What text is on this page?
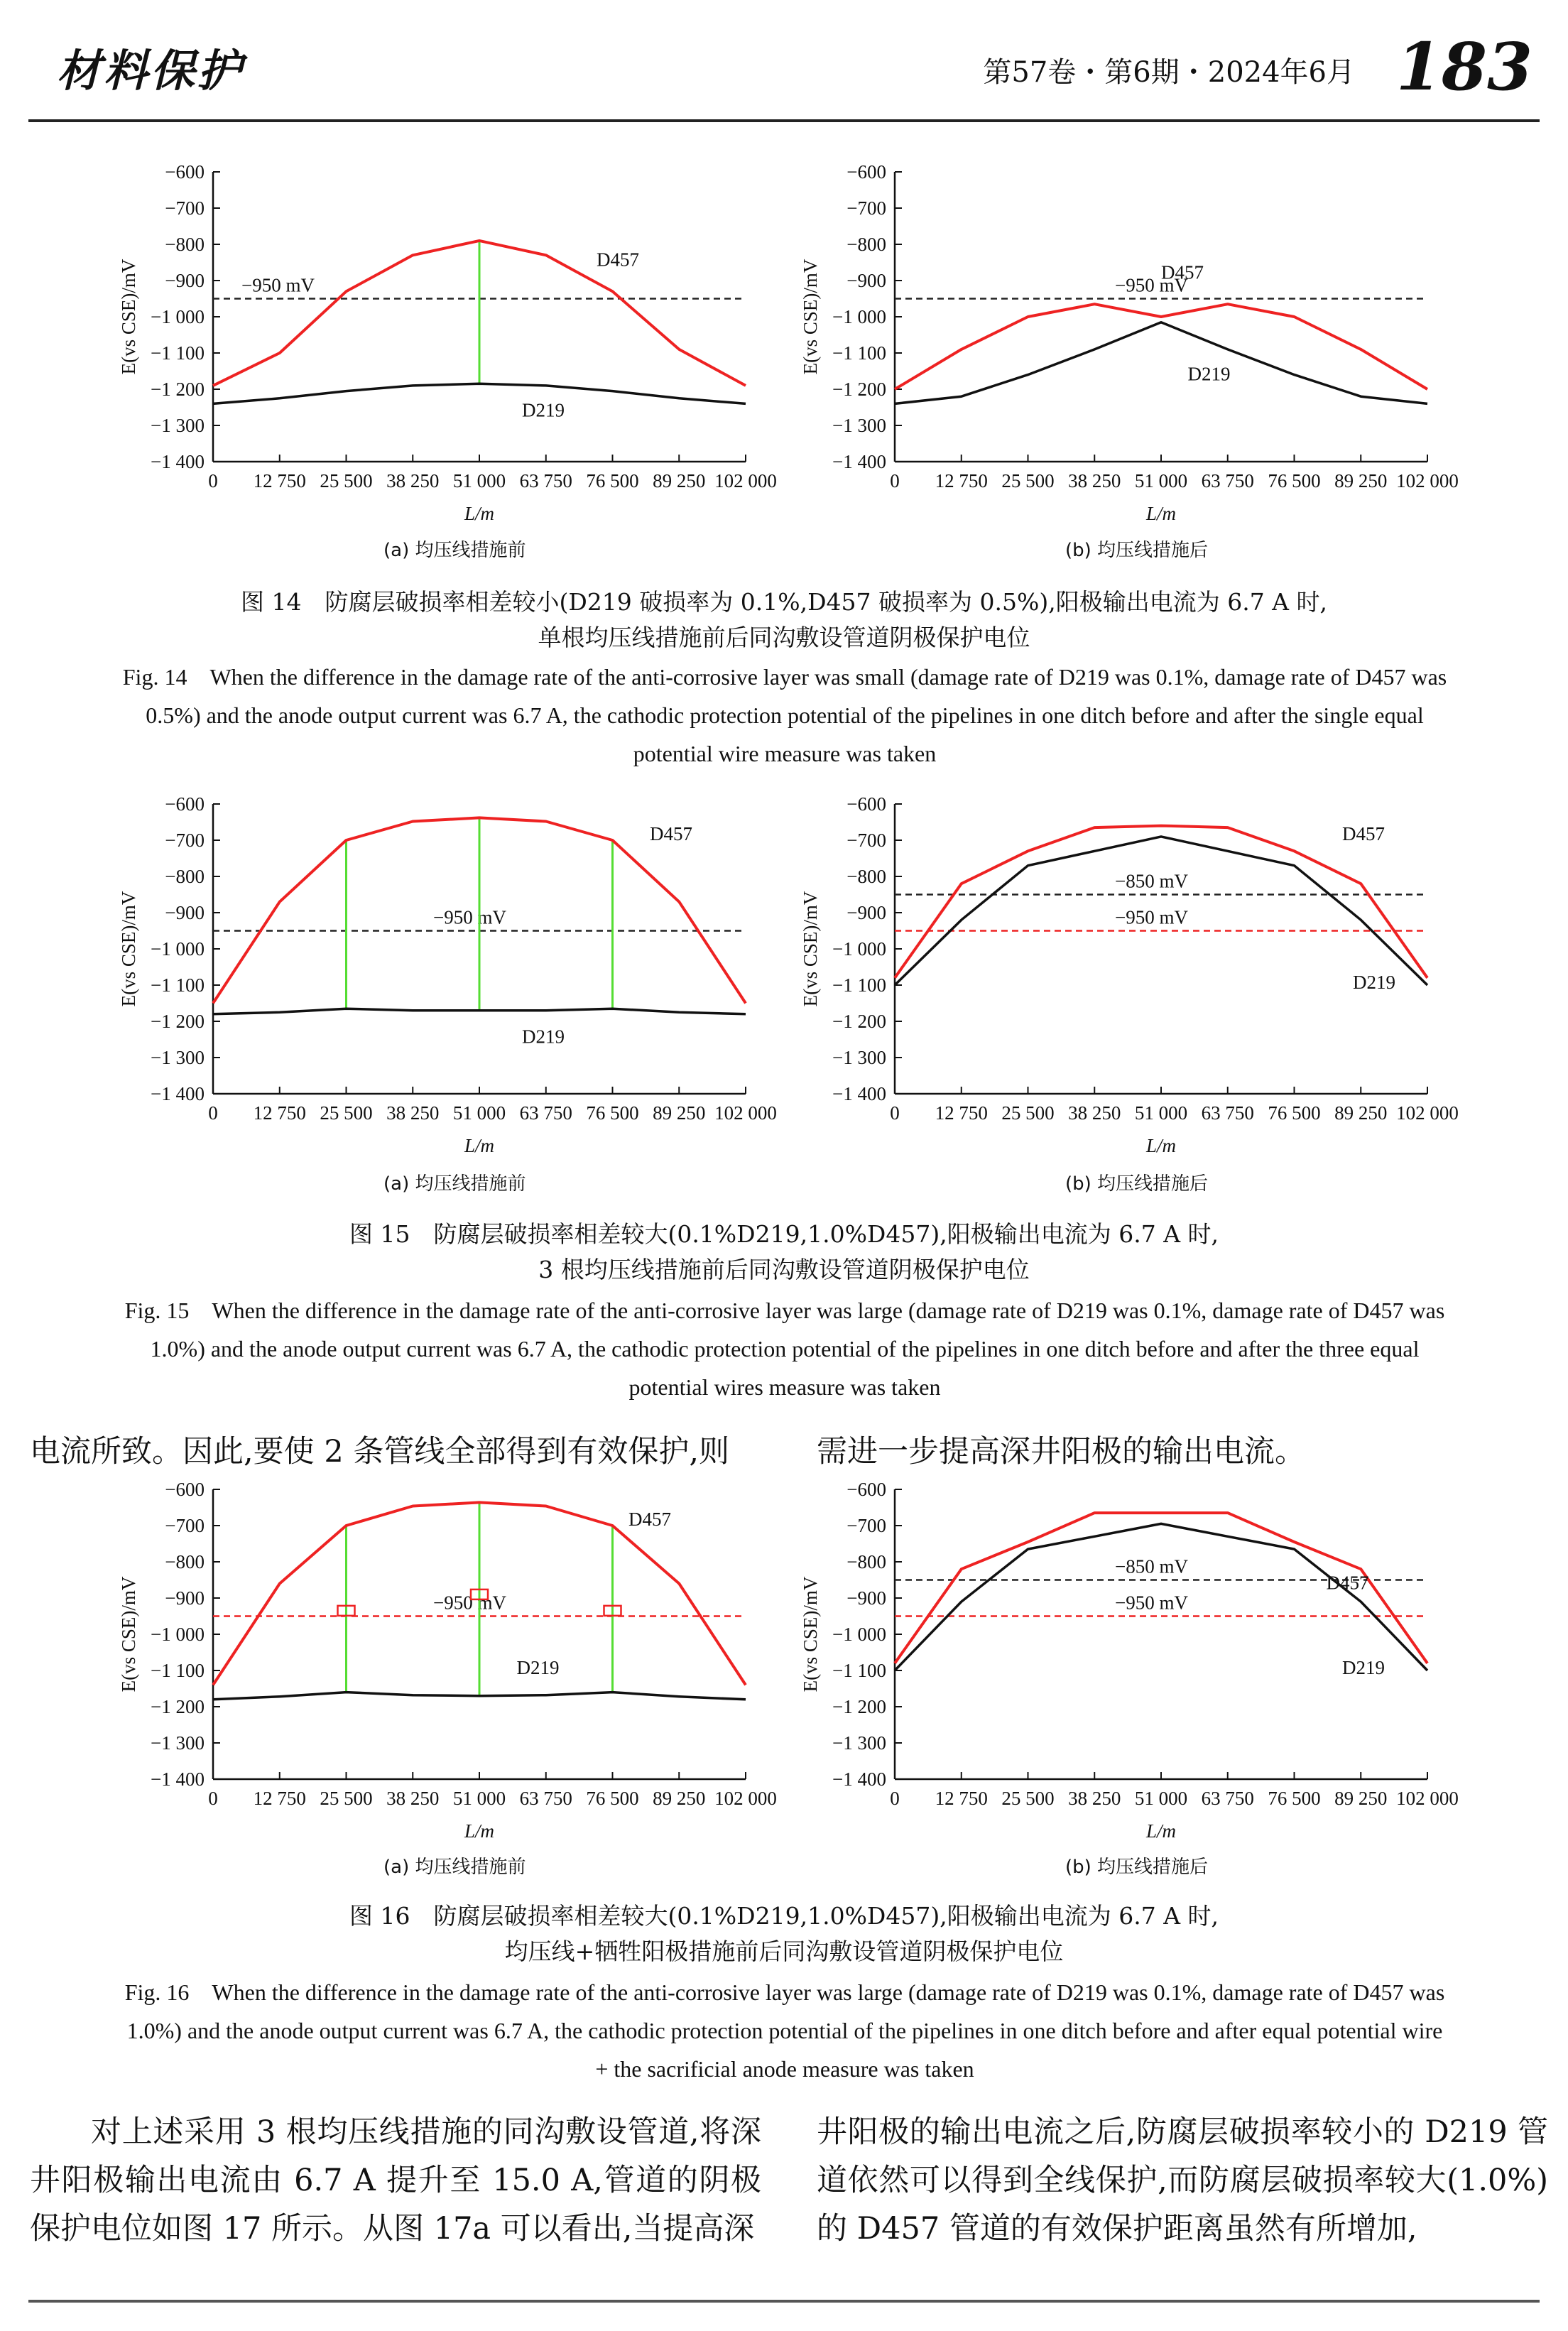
材料保护	第57卷・第6期・2024年6月 183
−600
−700
−800
−900
−1 000
−1 100
−1 200
−1 300
−1 400
0 12 750 25 500 38 250 51 000 63 750 76 500 89 250 102 000
L/m
E(vs CSE)/mV	−950 mV
D457
D219
−600
−700
−800
−900
−1 000
−1 100
−1 200
−1 300
−1 400
0 12 750 25 500 38 250 51 000 63 750 76 500 89 250 102 000
L/m
E(vs CSE)/mV	−950 mV
D457
D219
(a) 均压线措施前	(b) 均压线措施后
图 14　防腐层破损率相差较小(D219 破损率为 0.1%,D457 破损率为 0.5%),阳极输出电流为 6.7 A 时,
单根均压线措施前后同沟敷设管道阴极保护电位
Fig. 14　When the difference in the damage rate of the anti-corrosive layer was small (damage rate of D219 was 0.1%, damage rate of D457 was 0.5%) and the anode output current was 6.7 A, the cathodic protection potential of the pipelines in one ditch before and after the single equal potential wire measure was taken
−600
−700
−800
−900
−1 000
−1 100
−1 200
−1 300
−1 400
0 12 750 25 500 38 250 51 000 63 750 76 500 89 250 102 000
L/m
E(vs CSE)/mV	−950 mV
D457
D219
−600
−700
−800
−900
−1 000
−1 100
−1 200
−1 300
−1 400
0 12 750 25 500 38 250 51 000 63 750 76 500 89 250 102 000
L/m
E(vs CSE)/mV
−850 mV
−950 mV
D457
D219
(a) 均压线措施前	(b) 均压线措施后
图 15　防腐层破损率相差较大(0.1%D219,1.0%D457),阳极输出电流为 6.7 A 时,
3 根均压线措施前后同沟敷设管道阴极保护电位
Fig. 15　When the difference in the damage rate of the anti-corrosive layer was large (damage rate of D219 was 0.1%, damage rate of D457 was 1.0%) and the anode output current was 6.7 A, the cathodic protection potential of the pipelines in one ditch before and after the three equal potential wires measure was taken
电流所致。因此,要使 2 条管线全部得到有效保护,则	需进一步提高深井阳极的输出电流。
−600
−700
−800
−900
−1 000
−1 100
−1 200
−1 300
−1 400
0 12 750 25 500 38 250 51 000 63 750 76 500 89 250 102 000
L/m
E(vs CSE)/mV	−950 mV
D457
D219
−600
−700
−800
−900
−1 000
−1 100
−1 200
−1 300
−1 400
0 12 750 25 500 38 250 51 000 63 750 76 500 89 250 102 000
L/m
E(vs CSE)/mV
−850 mV
−950 mV
D457
D219
(a) 均压线措施前	(b) 均压线措施后
图 16　防腐层破损率相差较大(0.1%D219,1.0%D457),阳极输出电流为 6.7 A 时,
均压线+牺牲阳极措施前后同沟敷设管道阴极保护电位
Fig. 16　When the difference in the damage rate of the anti-corrosive layer was large (damage rate of D219 was 0.1%, damage rate of D457 was 1.0%) and the anode output current was 6.7 A, the cathodic protection potential of the pipelines in one ditch before and after equal potential wire + the sacrificial anode measure was taken
对上述采用 3 根均压线措施的同沟敷设管道,将深井阳极输出电流由 6.7 A 提升至 15.0 A,管道的阴极保护电位如图 17 所示。从图 17a 可以看出,当提高深
井阳极的输出电流之后,防腐层破损率较小的 D219 管道依然可以得到全线保护,而防腐层破损率较大(1.0%)的 D457 管道的有效保护距离虽然有所增加,
